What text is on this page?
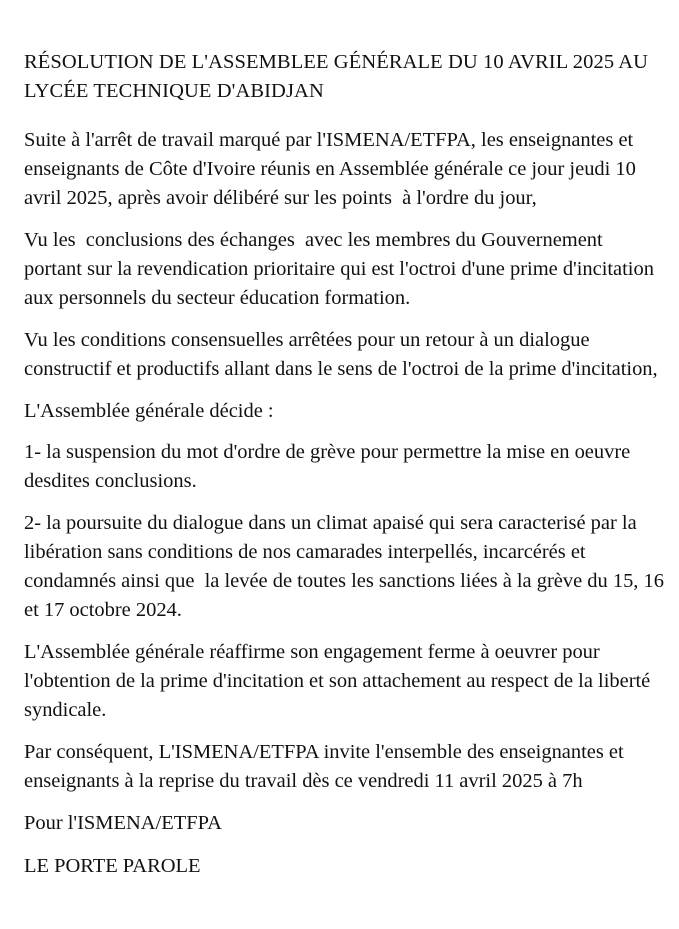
RÉSOLUTION DE L'ASSEMBLEE GÉNÉRALE DU 10 AVRIL 2025 AU LYCÉE TECHNIQUE D'ABIDJAN

Suite à l'arrêt de travail marqué par l'ISMENA/ETFPA, les enseignantes et enseignants de Côte d'Ivoire réunis en Assemblée générale ce jour jeudi 10 avril 2025, après avoir délibéré sur les points  à l'ordre du jour,

Vu les  conclusions des échanges  avec les membres du Gouvernement portant sur la revendication prioritaire qui est l'octroi d'une prime d'incitation aux personnels du secteur éducation formation.

Vu les conditions consensuelles arrêtées pour un retour à un dialogue constructif et productifs allant dans le sens de l'octroi de la prime d'incitation,

L'Assemblée générale décide :

1- la suspension du mot d'ordre de grève pour permettre la mise en oeuvre desdites conclusions.

2- la poursuite du dialogue dans un climat apaisé qui sera caracterisé par la libération sans conditions de nos camarades interpellés, incarcérés et condamnés ainsi que  la levée de toutes les sanctions liées à la grève du 15, 16 et 17 octobre 2024.

L'Assemblée générale réaffirme son engagement ferme à oeuvrer pour l'obtention de la prime d'incitation et son attachement au respect de la liberté syndicale.

Par conséquent, L'ISMENA/ETFPA invite l'ensemble des enseignantes et enseignants à la reprise du travail dès ce vendredi 11 avril 2025 à 7h

Pour l'ISMENA/ETFPA

LE PORTE PAROLE
